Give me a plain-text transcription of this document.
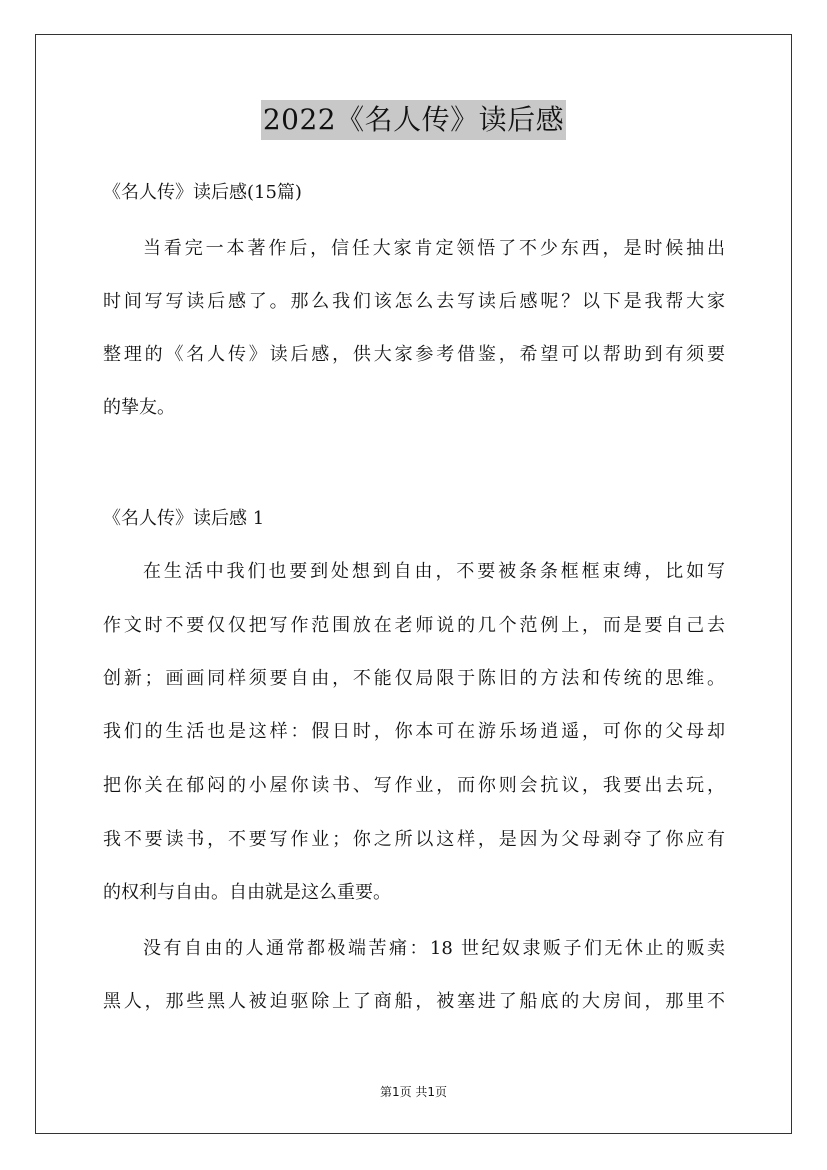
2022《名人传》读后感
《名人传》读后感(15篇)
当看完一本著作后，信任大家肯定领悟了不少东西，是时候抽出
时间写写读后感了。那么我们该怎么去写读后感呢？以下是我帮大家
整理的《名人传》读后感，供大家参考借鉴，希望可以帮助到有须要
的挚友。
《名人传》读后感 1
在生活中我们也要到处想到自由，不要被条条框框束缚，比如写
作文时不要仅仅把写作范围放在老师说的几个范例上，而是要自己去
创新；画画同样须要自由，不能仅局限于陈旧的方法和传统的思维。
我们的生活也是这样：假日时，你本可在游乐场逍遥，可你的父母却
把你关在郁闷的小屋你读书、写作业，而你则会抗议，我要出去玩，
我不要读书，不要写作业；你之所以这样，是因为父母剥夺了你应有
的权利与自由。自由就是这么重要。
没有自由的人通常都极端苦痛：18 世纪奴隶贩子们无休止的贩卖
黑人，那些黑人被迫驱除上了商船，被塞进了船底的大房间，那里不
第1页 共1页
